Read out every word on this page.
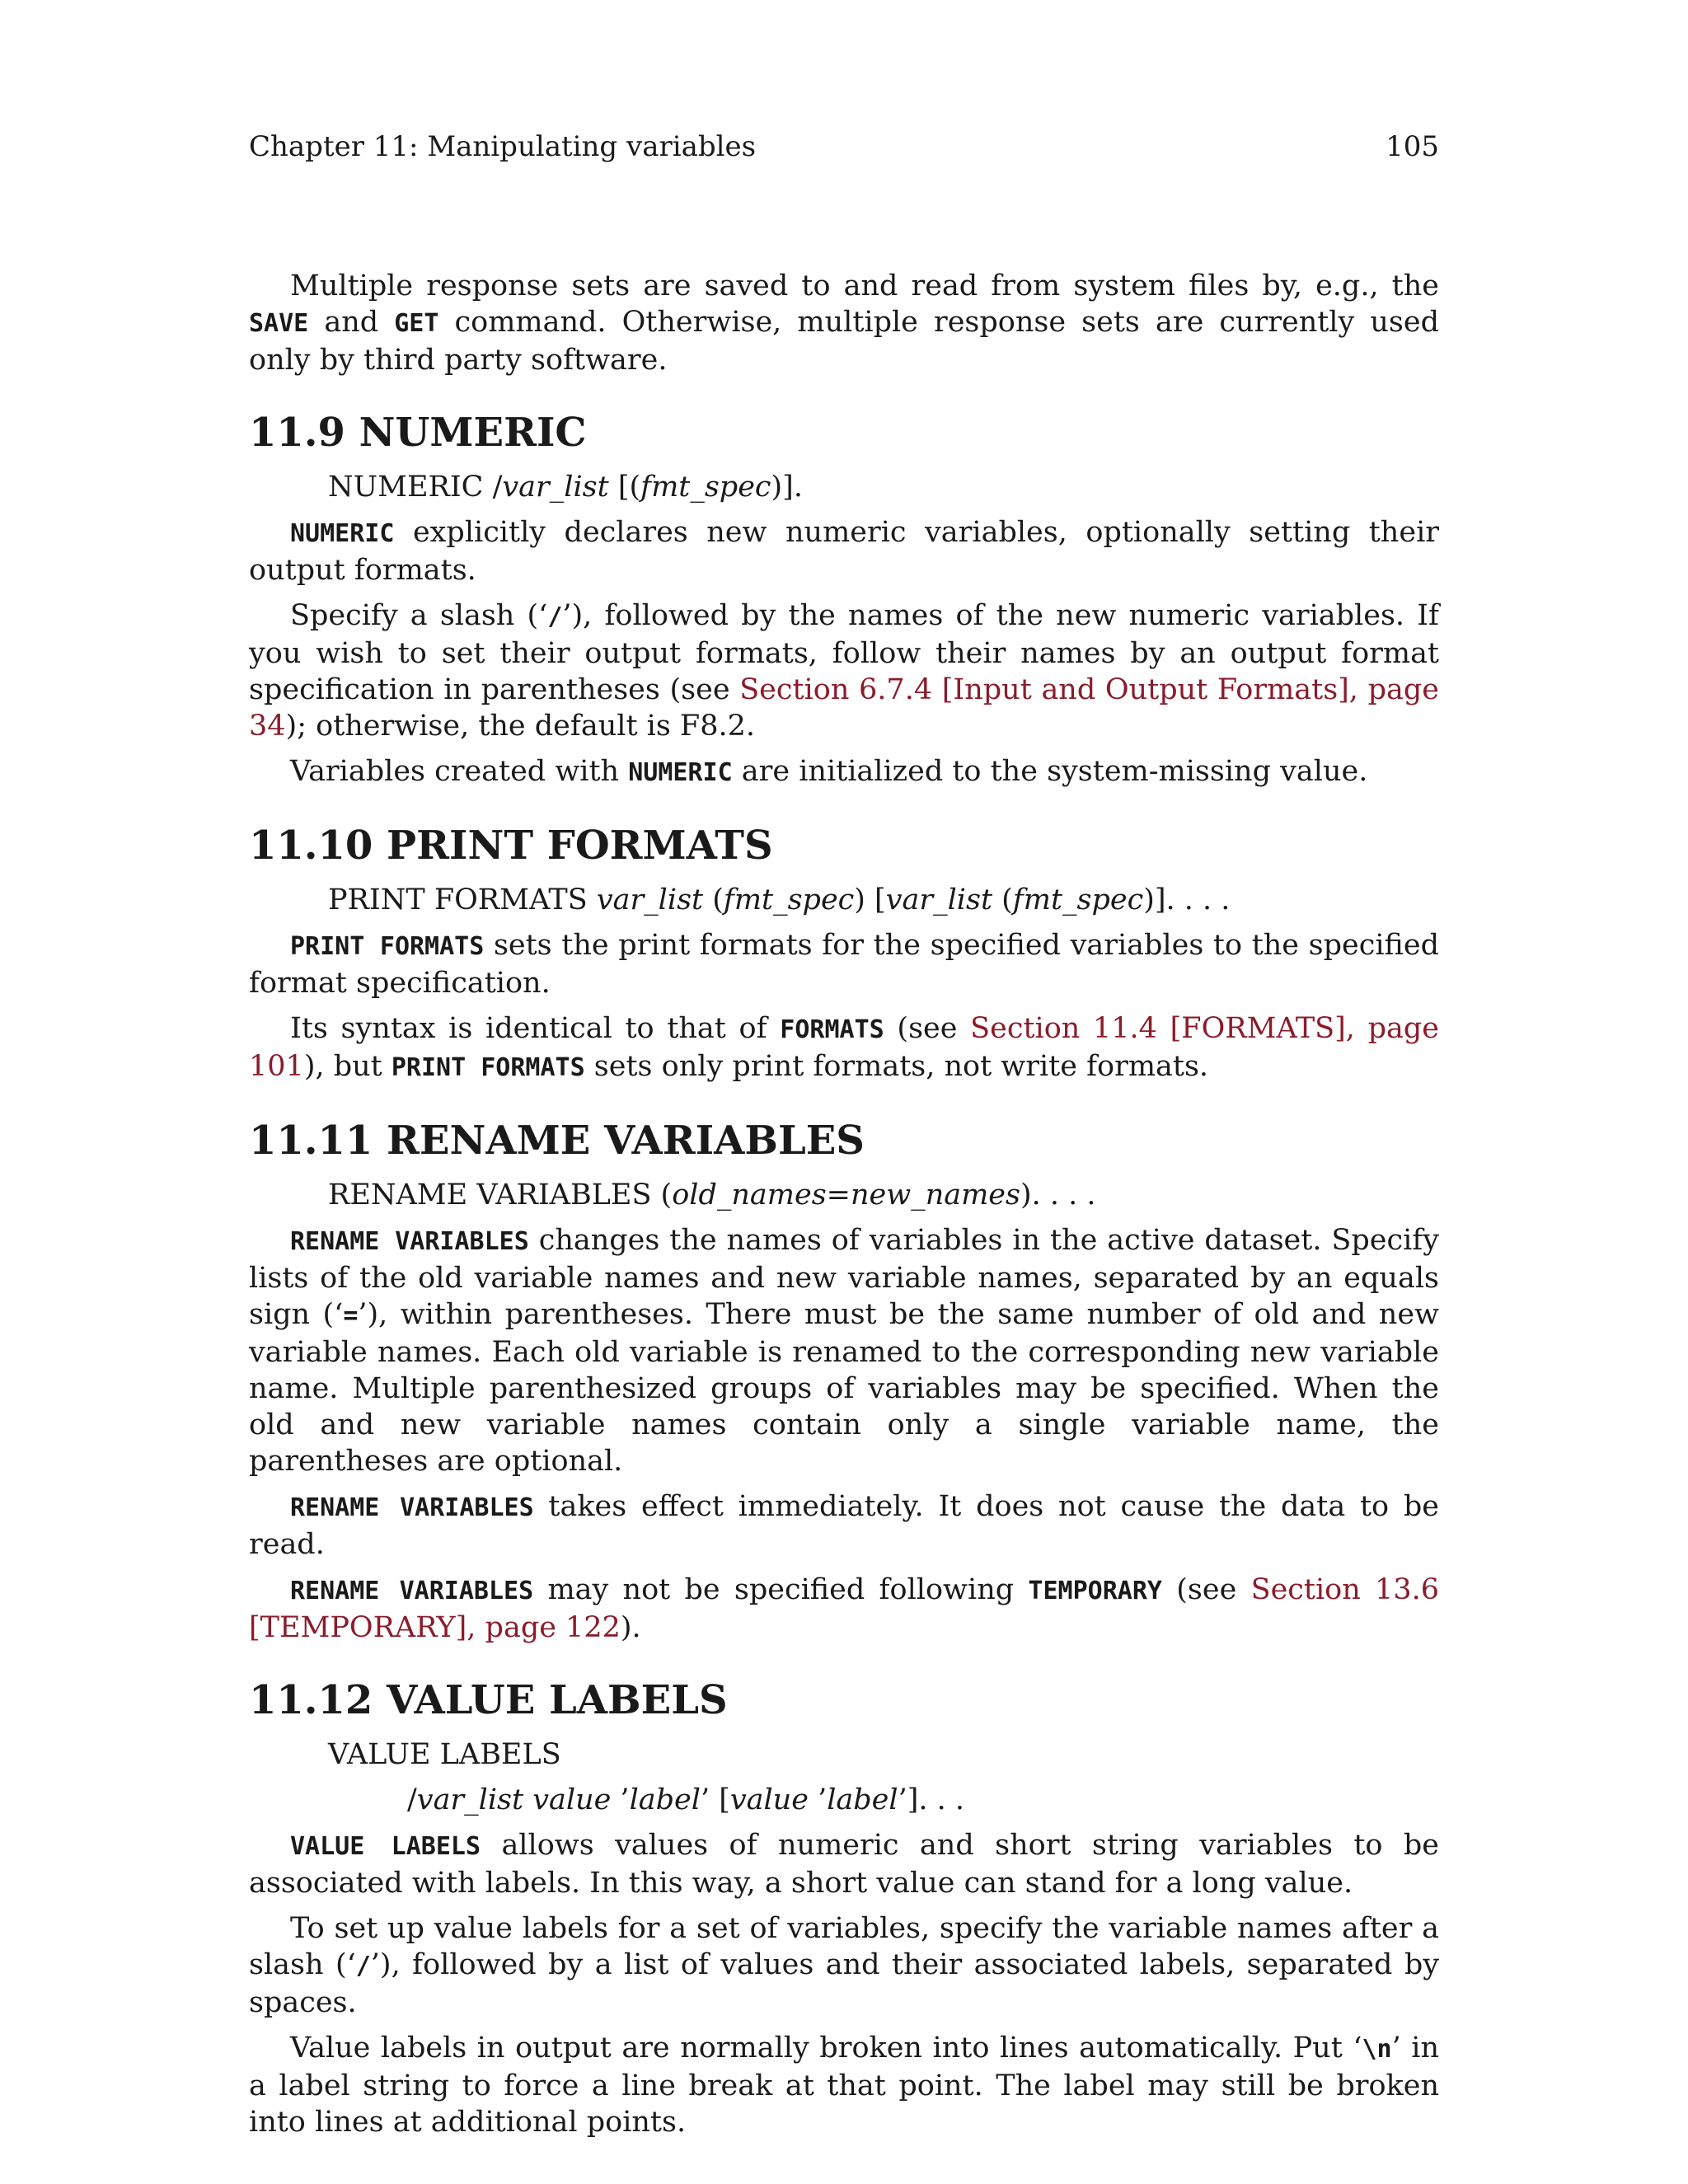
Chapter 11: Manipulating variables	105

Multiple response sets are saved to and read from system files by, e.g., the SAVE and GET command. Otherwise, multiple response sets are currently used only by third party software.

11.9 NUMERIC
NUMERIC /var_list [(fmt_spec)].

NUMERIC explicitly declares new numeric variables, optionally setting their output formats.

Specify a slash (‘/’), followed by the names of the new numeric variables. If you wish to set their output formats, follow their names by an output format specification in parentheses (see Section 6.7.4 [Input and Output Formats], page 34); otherwise, the default is F8.2.

Variables created with NUMERIC are initialized to the system-missing value.

11.10 PRINT FORMATS
PRINT FORMATS var_list (fmt_spec) [var_list (fmt_spec)]. . . .

PRINT FORMATS sets the print formats for the specified variables to the specified format specification.

Its syntax is identical to that of FORMATS (see Section 11.4 [FORMATS], page 101), but PRINT FORMATS sets only print formats, not write formats.

11.11 RENAME VARIABLES
RENAME VARIABLES (old_names=new_names). . . .

RENAME VARIABLES changes the names of variables in the active dataset. Specify lists of the old variable names and new variable names, separated by an equals sign (‘=’), within parentheses. There must be the same number of old and new variable names. Each old variable is renamed to the corresponding new variable name. Multiple parenthesized groups of variables may be specified. When the old and new variable names contain only a single variable name, the parentheses are optional.

RENAME VARIABLES takes effect immediately. It does not cause the data to be read.

RENAME VARIABLES may not be specified following TEMPORARY (see Section 13.6 [TEMPORARY], page 122).

11.12 VALUE LABELS
VALUE LABELS
/var_list value ’label’ [value ’label’]. . .

VALUE LABELS allows values of numeric and short string variables to be associated with labels. In this way, a short value can stand for a long value.

To set up value labels for a set of variables, specify the variable names after a slash (‘/’), followed by a list of values and their associated labels, separated by spaces.

Value labels in output are normally broken into lines automatically. Put ‘\n’ in a label string to force a line break at that point. The label may still be broken into lines at additional points.
